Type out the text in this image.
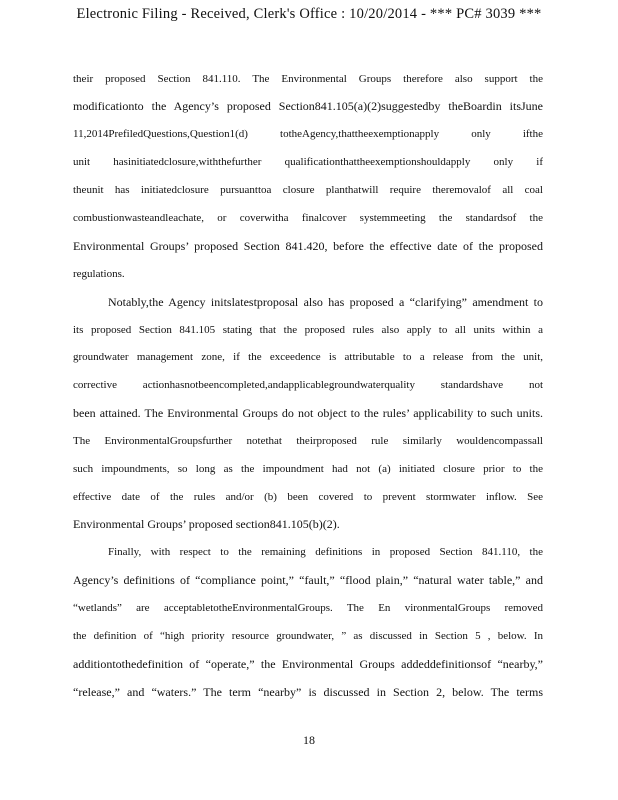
Electronic Filing - Received, Clerk's Office : 10/20/2014 - *** PC# 3039 ***
their proposed Section 841.110. The Environmental Groups therefore also support the
modificationto the Agency’s proposed Section841.105(a)(2)suggestedby theBoardin itsJune
11,2014PrefiledQuestions,Question1(d) totheAgency,thattheexemptionapply only ifthe
unit hasinitiatedclosure,withthefurther qualificationthattheexemptionshouldapply only if
theunit has initiatedclosure pursuanttoa closure planthatwill require theremovalof all coal
combustionwasteandleachate, or coverwitha finalcover systemmeeting the standardsof the
Environmental Groups’ proposed Section 841.420, before the effective date of the proposed
regulations.
Notably,the Agency initslatestproposal also has proposed a “clarifying” amendment to
its proposed Section 841.105 stating that the proposed rules also apply to all units within a
groundwater management zone, if the exceedence is attributable to a release from the unit,
corrective actionhasnotbeencompleted,andapplicablegroundwaterquality standardshave not
been attained. The Environmental Groups do not object to the rules’ applicability to such units.
The EnvironmentalGroupsfurther notethat theirproposed rule similarly wouldencompassall
such impoundments, so long as the impoundment had not (a) initiated closure prior to the
effective date of the rules and/or (b) been covered to prevent stormwater inflow. See
Environmental Groups’ proposed section841.105(b)(2).
Finally, with respect to the remaining definitions in proposed Section 841.110, the
Agency’s definitions of “compliance point,” “fault,” “flood plain,” “natural water table,” and
“wetlands” are acceptabletotheEnvironmentalGroups. The En vironmentalGroups removed
the definition of “high priority resource groundwater, ” as discussed in Section 5 , below. In
additiontothedefinition of “operate,” the Environmental Groups addeddefinitionsof “nearby,”
“release,” and “waters.” The term “nearby” is discussed in Section 2, below. The terms
18
